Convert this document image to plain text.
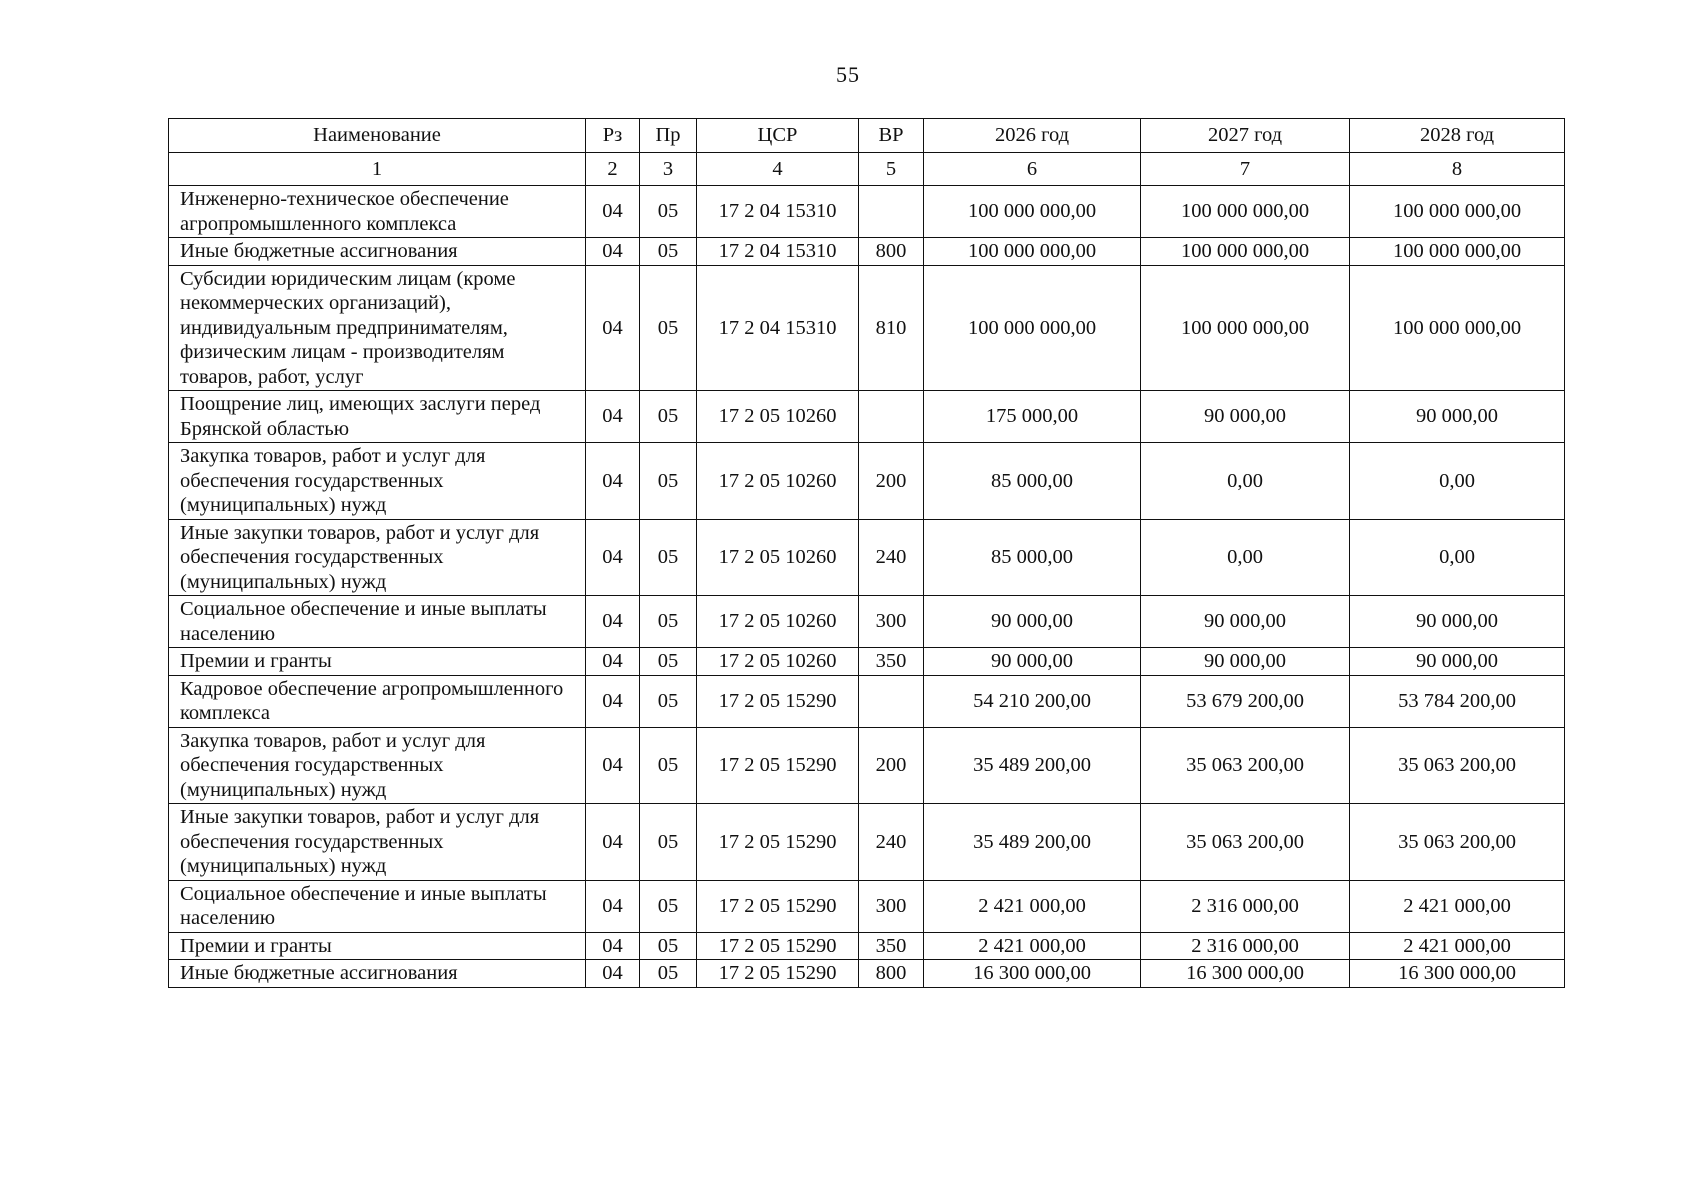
55
Наименование	Рз	Пр	ЦСР	ВР	2026 год	2027 год	2028 год
1	2	3	4	5	6	7	8
Инженерно-техническое обеспечение агропромышленного комплекса	04	05	17 2 04 15310		100 000 000,00	100 000 000,00	100 000 000,00
Иные бюджетные ассигнования	04	05	17 2 04 15310	800	100 000 000,00	100 000 000,00	100 000 000,00
Субсидии юридическим лицам (кроме некоммерческих организаций), индивидуальным предпринимателям, физическим лицам - производителям товаров, работ, услуг	04	05	17 2 04 15310	810	100 000 000,00	100 000 000,00	100 000 000,00
Поощрение лиц, имеющих заслуги перед Брянской областью	04	05	17 2 05 10260		175 000,00	90 000,00	90 000,00
Закупка товаров, работ и услуг для обеспечения государственных (муниципальных) нужд	04	05	17 2 05 10260	200	85 000,00	0,00	0,00
Иные закупки товаров, работ и услуг для обеспечения государственных (муниципальных) нужд	04	05	17 2 05 10260	240	85 000,00	0,00	0,00
Социальное обеспечение и иные выплаты населению	04	05	17 2 05 10260	300	90 000,00	90 000,00	90 000,00
Премии и гранты	04	05	17 2 05 10260	350	90 000,00	90 000,00	90 000,00
Кадровое обеспечение агропромышленного комплекса	04	05	17 2 05 15290		54 210 200,00	53 679 200,00	53 784 200,00
Закупка товаров, работ и услуг для обеспечения государственных (муниципальных) нужд	04	05	17 2 05 15290	200	35 489 200,00	35 063 200,00	35 063 200,00
Иные закупки товаров, работ и услуг для обеспечения государственных (муниципальных) нужд	04	05	17 2 05 15290	240	35 489 200,00	35 063 200,00	35 063 200,00
Социальное обеспечение и иные выплаты населению	04	05	17 2 05 15290	300	2 421 000,00	2 316 000,00	2 421 000,00
Премии и гранты	04	05	17 2 05 15290	350	2 421 000,00	2 316 000,00	2 421 000,00
Иные бюджетные ассигнования	04	05	17 2 05 15290	800	16 300 000,00	16 300 000,00	16 300 000,00
